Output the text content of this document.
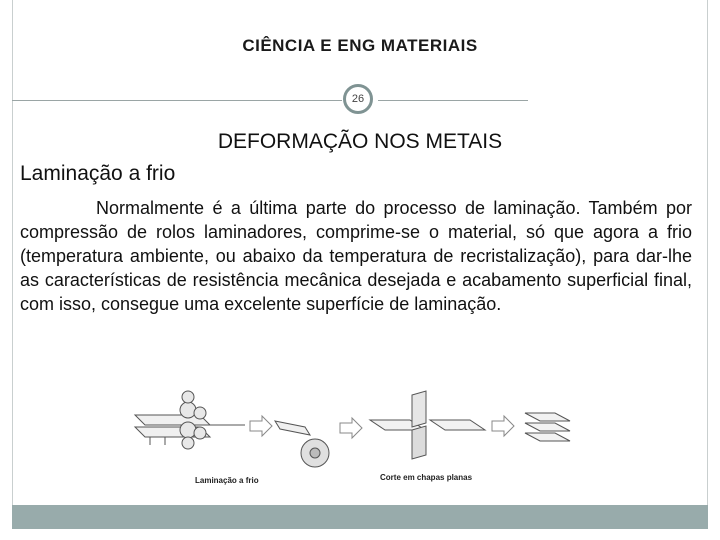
CIÊNCIA E ENG MATERIAIS
26
DEFORMAÇÃO NOS METAIS
Laminação a frio
Normalmente é a última parte do processo de laminação. Também por compressão de rolos laminadores, comprime-se o material, só que agora a frio (temperatura ambiente, ou abaixo da temperatura de recristalização), para dar-lhe as características de resistência mecânica desejada e acabamento superficial final, com isso, consegue uma excelente superfície de laminação.
Laminação a frio	Corte em chapas planas
